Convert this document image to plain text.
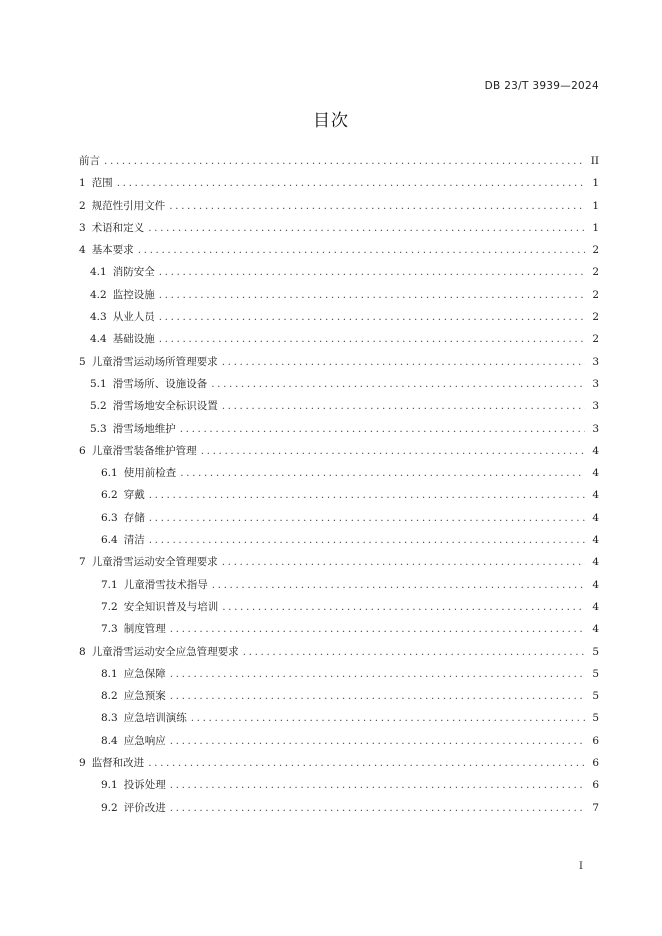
DB 23/T 3939—2024
目次
前言 .....	II
1 范围 .....	1
2 规范性引用文件 .....	1
3 术语和定义 .....	1
4 基本要求 .....	2
4.1 消防安全 .....	2
4.2 监控设施 .....	2
4.3 从业人员 .....	2
4.4 基础设施 .....	2
5 儿童滑雪运动场所管理要求 .....	3
5.1 滑雪场所、设施设备 .....	3
5.2 滑雪场地安全标识设置 .....	3
5.3 滑雪场地维护 .....	3
6 儿童滑雪装备维护管理 .....	4
6.1 使用前检查 .....	4
6.2 穿戴 .....	4
6.3 存储 .....	4
6.4 清洁 .....	4
7 儿童滑雪运动安全管理要求 .....	4
7.1 儿童滑雪技术指导 .....	4
7.2 安全知识普及与培训 .....	4
7.3 制度管理 .....	4
8 儿童滑雪运动安全应急管理要求 .....	5
8.1 应急保障 .....	5
8.2 应急预案 .....	5
8.3 应急培训演练 .....	5
8.4 应急响应 .....	6
9 监督和改进 .....	6
9.1 投诉处理 .....	6
9.2 评价改进 .....	7
I
